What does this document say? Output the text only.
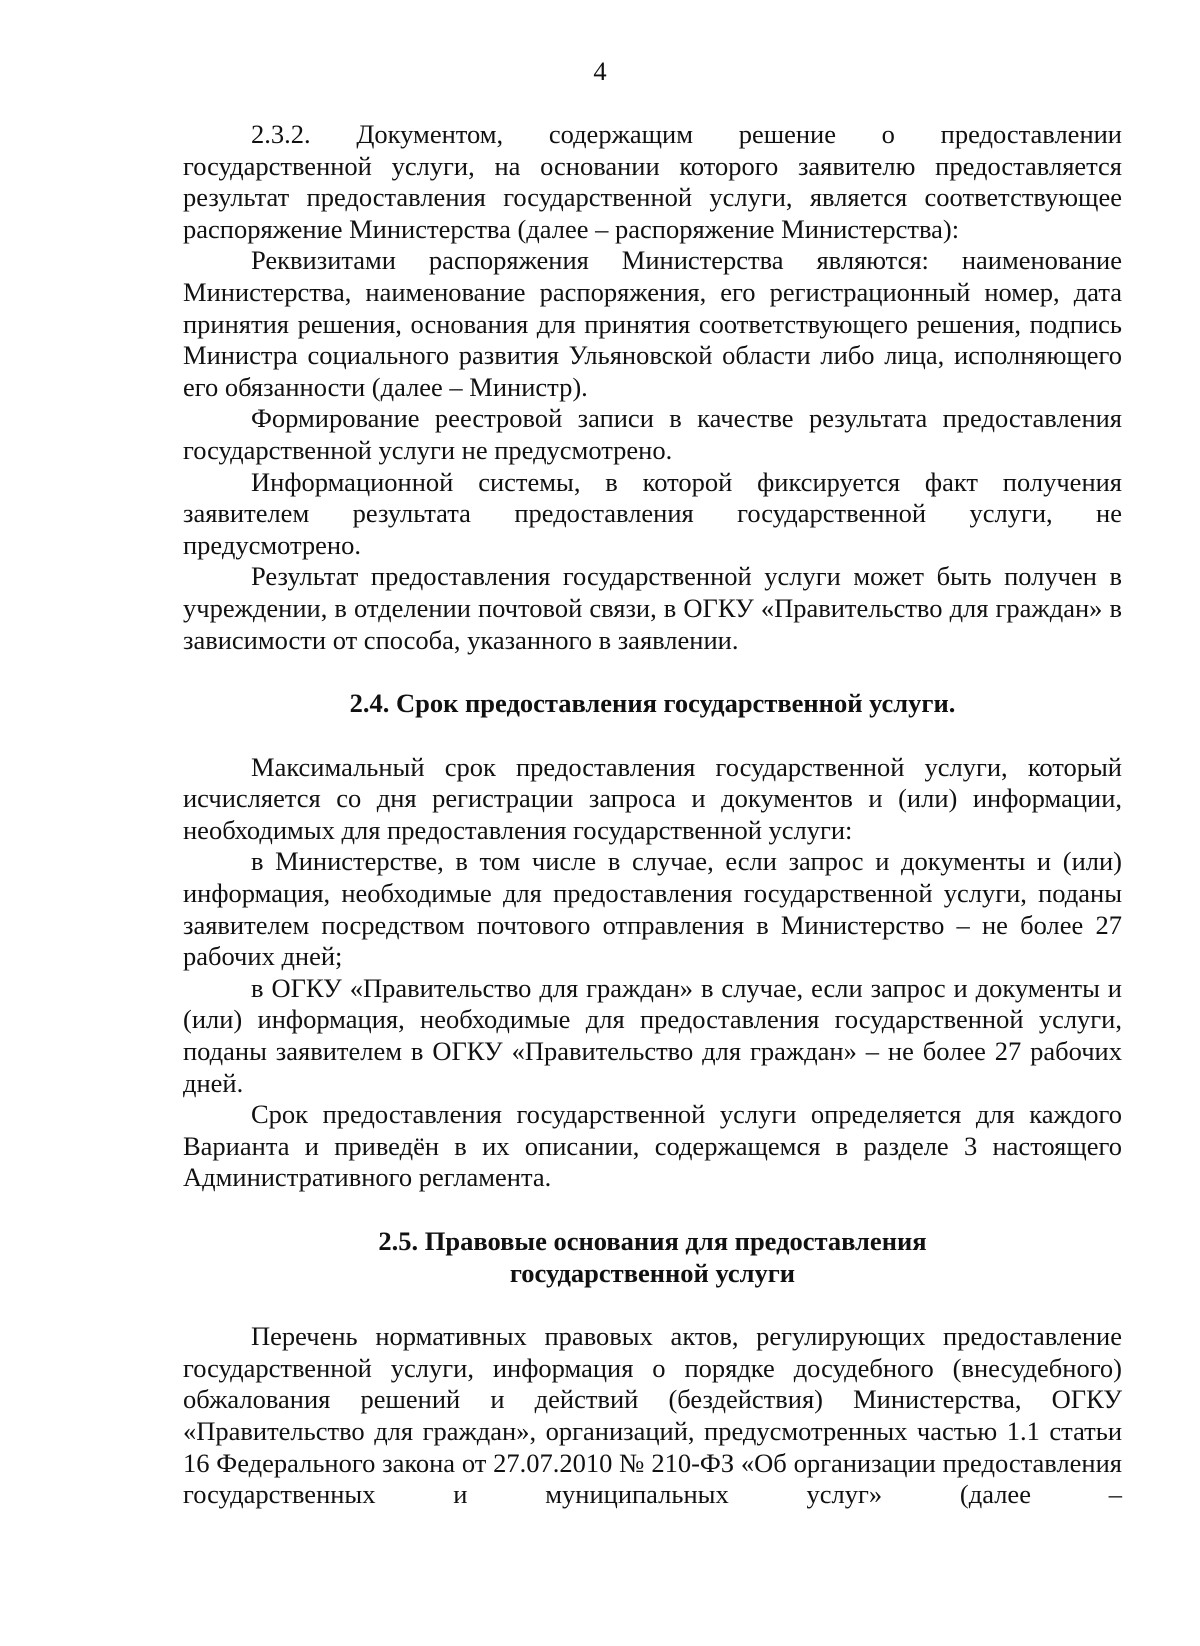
4

2.3.2. Документом, содержащим решение о предоставлении государственной услуги, на основании которого заявителю предоставляется результат предоставления государственной услуги, является соответствующее распоряжение Министерства (далее – распоряжение Министерства):

Реквизитами распоряжения Министерства являются: наименование Министерства, наименование распоряжения, его регистрационный номер, дата принятия решения, основания для принятия соответствующего решения, подпись Министра социального развития Ульяновской области либо лица, исполняющего его обязанности (далее – Министр).

Формирование реестровой записи в качестве результата предоставления государственной услуги не предусмотрено.

Информационной системы, в которой фиксируется факт получения заявителем результата предоставления государственной услуги, не предусмотрено.

Результат предоставления государственной услуги может быть получен в учреждении, в отделении почтовой связи, в ОГКУ «Правительство для граждан» в зависимости от способа, указанного в заявлении.

2.4. Срок предоставления государственной услуги.

Максимальный срок предоставления государственной услуги, который исчисляется со дня регистрации запроса и документов и (или) информации, необходимых для предоставления государственной услуги:

в Министерстве, в том числе в случае, если запрос и документы и (или) информация, необходимые для предоставления государственной услуги, поданы заявителем посредством почтового отправления в Министерство – не более 27 рабочих дней;

в ОГКУ «Правительство для граждан» в случае, если запрос и документы и (или) информация, необходимые для предоставления государственной услуги, поданы заявителем в ОГКУ «Правительство для граждан» – не более 27 рабочих дней.

Срок предоставления государственной услуги определяется для каждого Варианта и приведён в их описании, содержащемся в разделе 3 настоящего Административного регламента.

2.5. Правовые основания для предоставления
государственной услуги

Перечень нормативных правовых актов, регулирующих предоставление государственной услуги, информация о порядке досудебного (внесудебного) обжалования решений и действий (бездействия) Министерства, ОГКУ «Правительство для граждан», организаций, предусмотренных частью 1.1 статьи 16 Федерального закона от 27.07.2010 № 210-ФЗ «Об организации предоставления государственных и муниципальных услуг» (далее –
